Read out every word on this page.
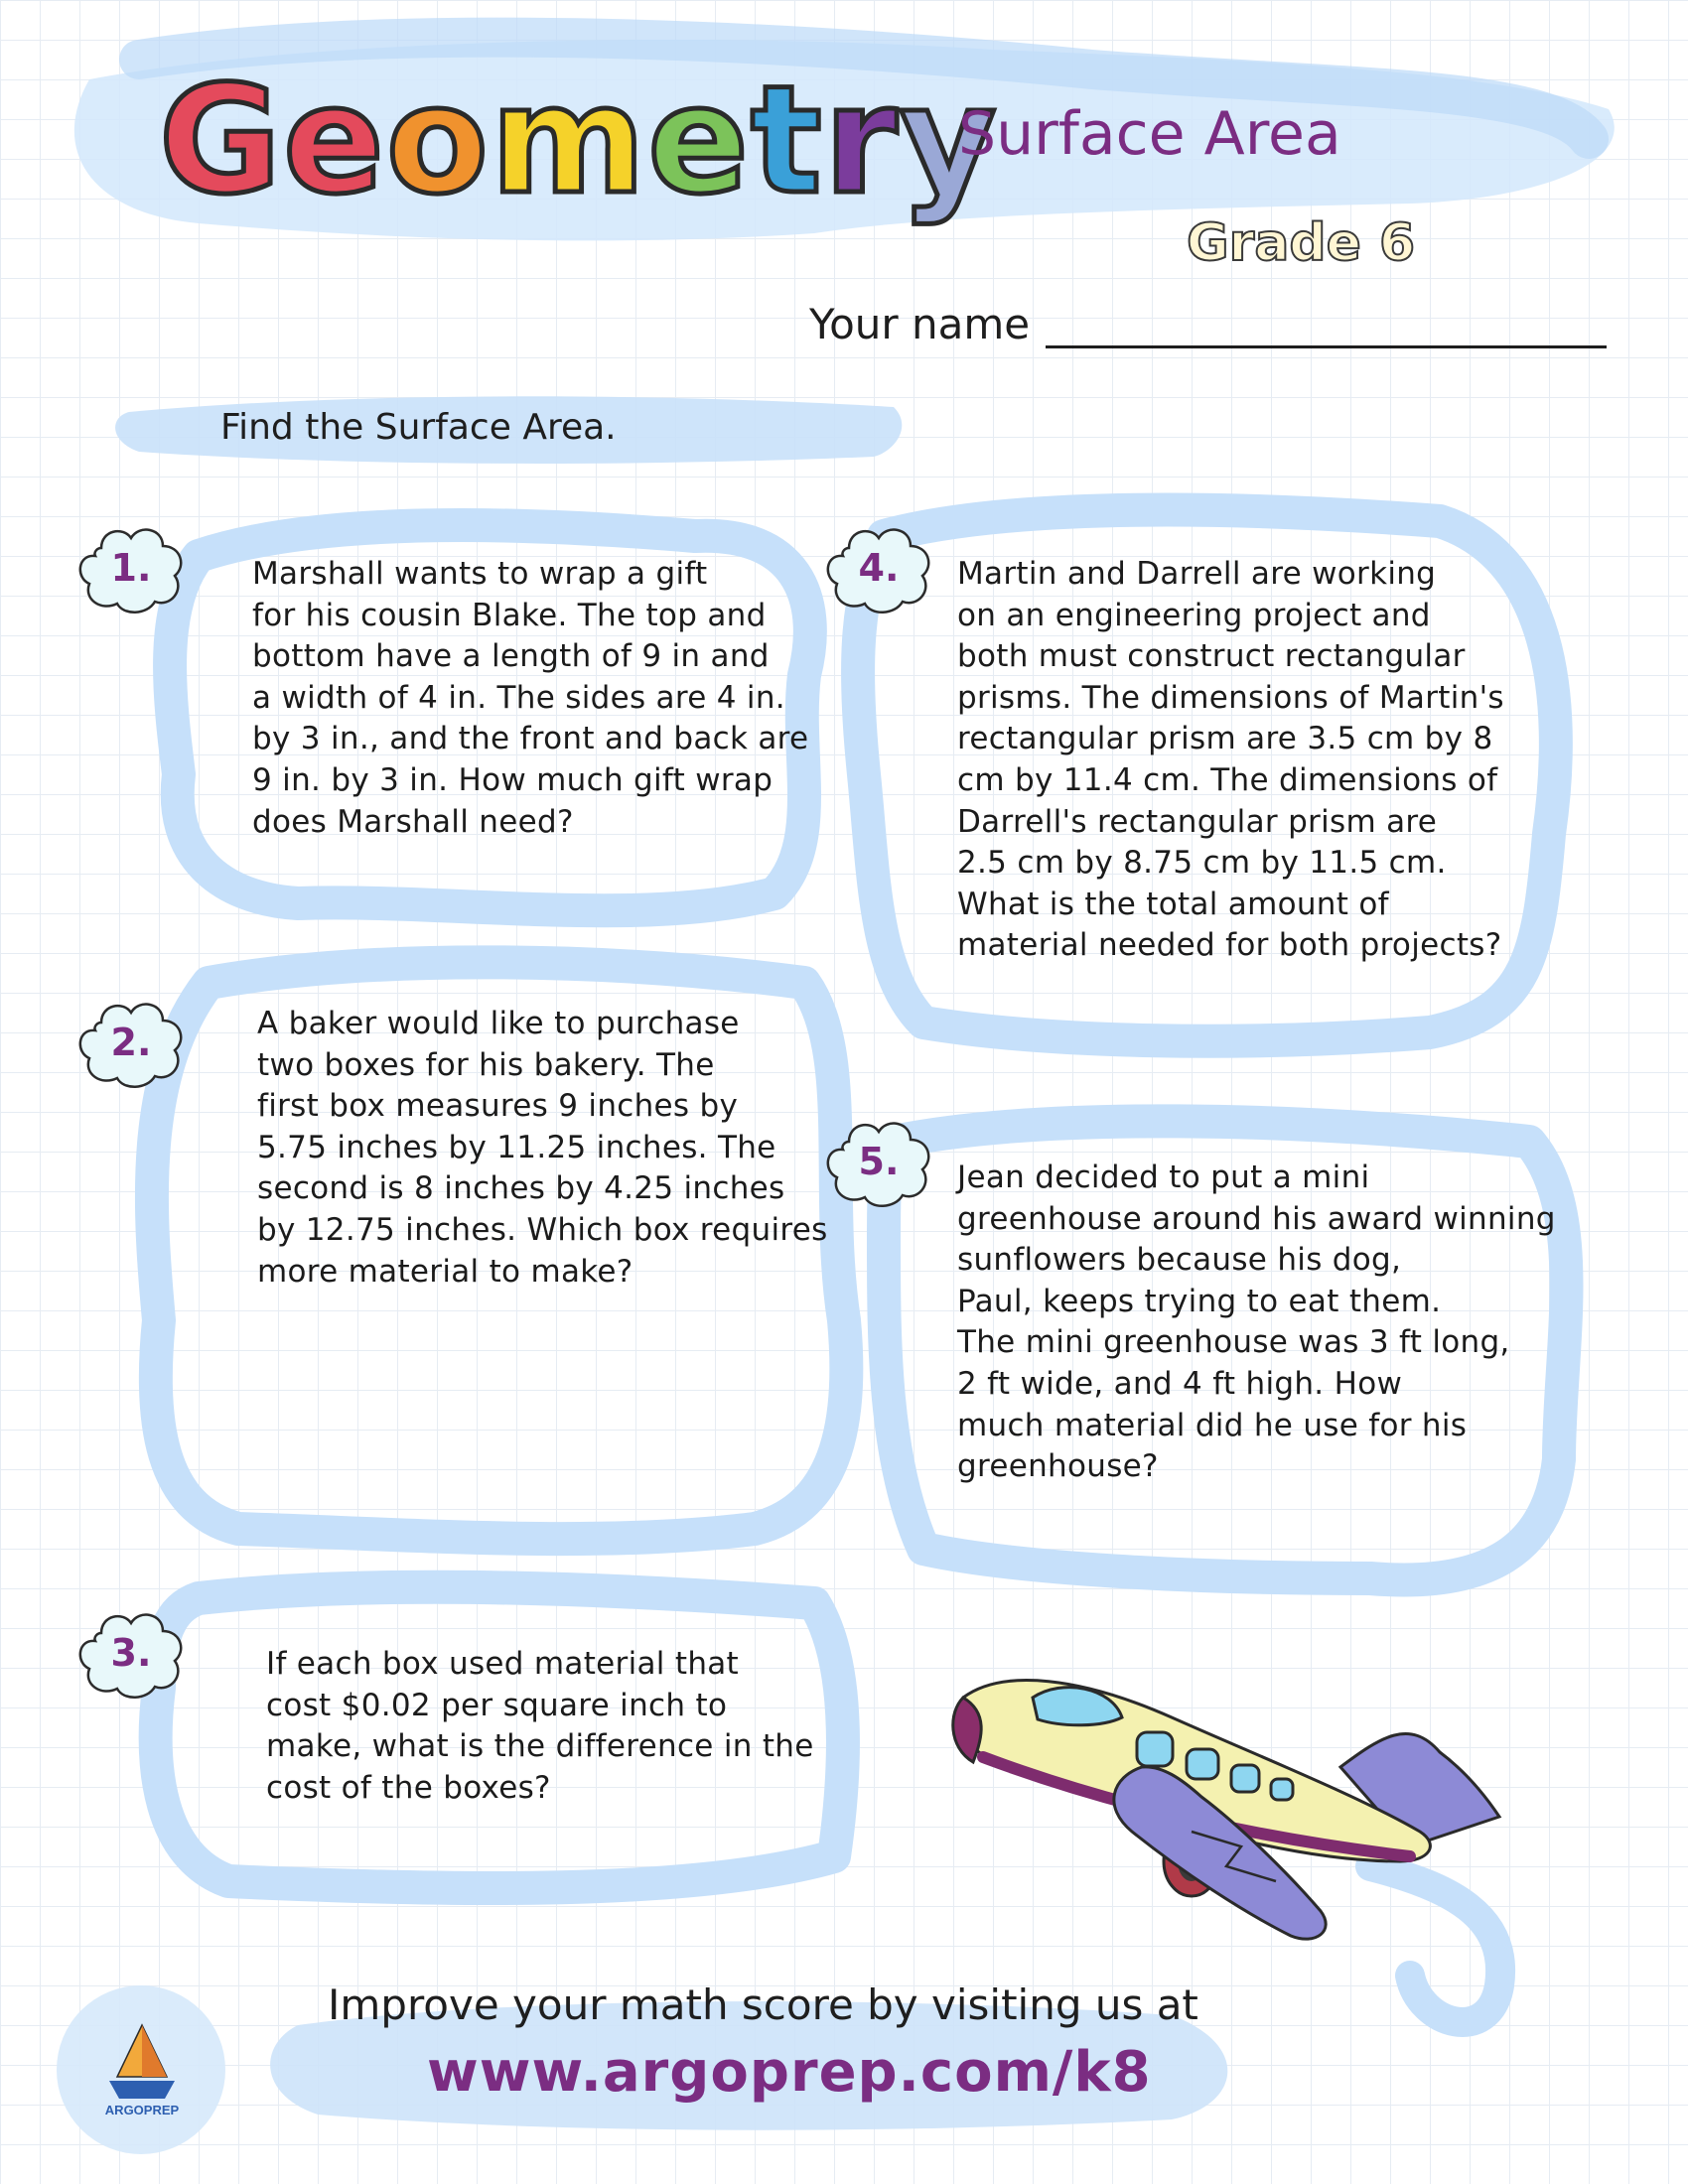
G e o m e t r y
Surface Area
Grade 6
Your name
Find the Surface Area.
1.
2.
3.
4.
5.
Marshall wants to wrap a gift
for his cousin Blake. The top and
bottom have a length of 9 in and
a width of 4 in. The sides are 4 in.
by 3 in., and the front and back are
9 in. by 3 in. How much gift wrap
does Marshall need?
A baker would like to purchase
two boxes for his bakery. The
first box measures 9 inches by
5.75 inches by 11.25 inches. The
second is 8 inches by 4.25 inches
by 12.75 inches. Which box requires
more material to make?
If each box used material that
cost $0.02 per square inch to
make, what is the difference in the
cost of the boxes?
Martin and Darrell are working
on an engineering project and
both must construct rectangular
prisms. The dimensions of Martin's
rectangular prism are 3.5 cm by 8
cm by 11.4 cm. The dimensions of
Darrell's rectangular prism are
2.5 cm by 8.75 cm by 11.5 cm.
What is the total amount of
material needed for both projects?
Jean decided to put a mini
greenhouse around his award winning
sunflowers because his dog,
Paul, keeps trying to eat them.
The mini greenhouse was 3 ft long,
2 ft wide, and 4 ft high. How
much material did he use for his
greenhouse?
Improve your math score by visiting us at
www.argoprep.com/k8
ARGOPREP
